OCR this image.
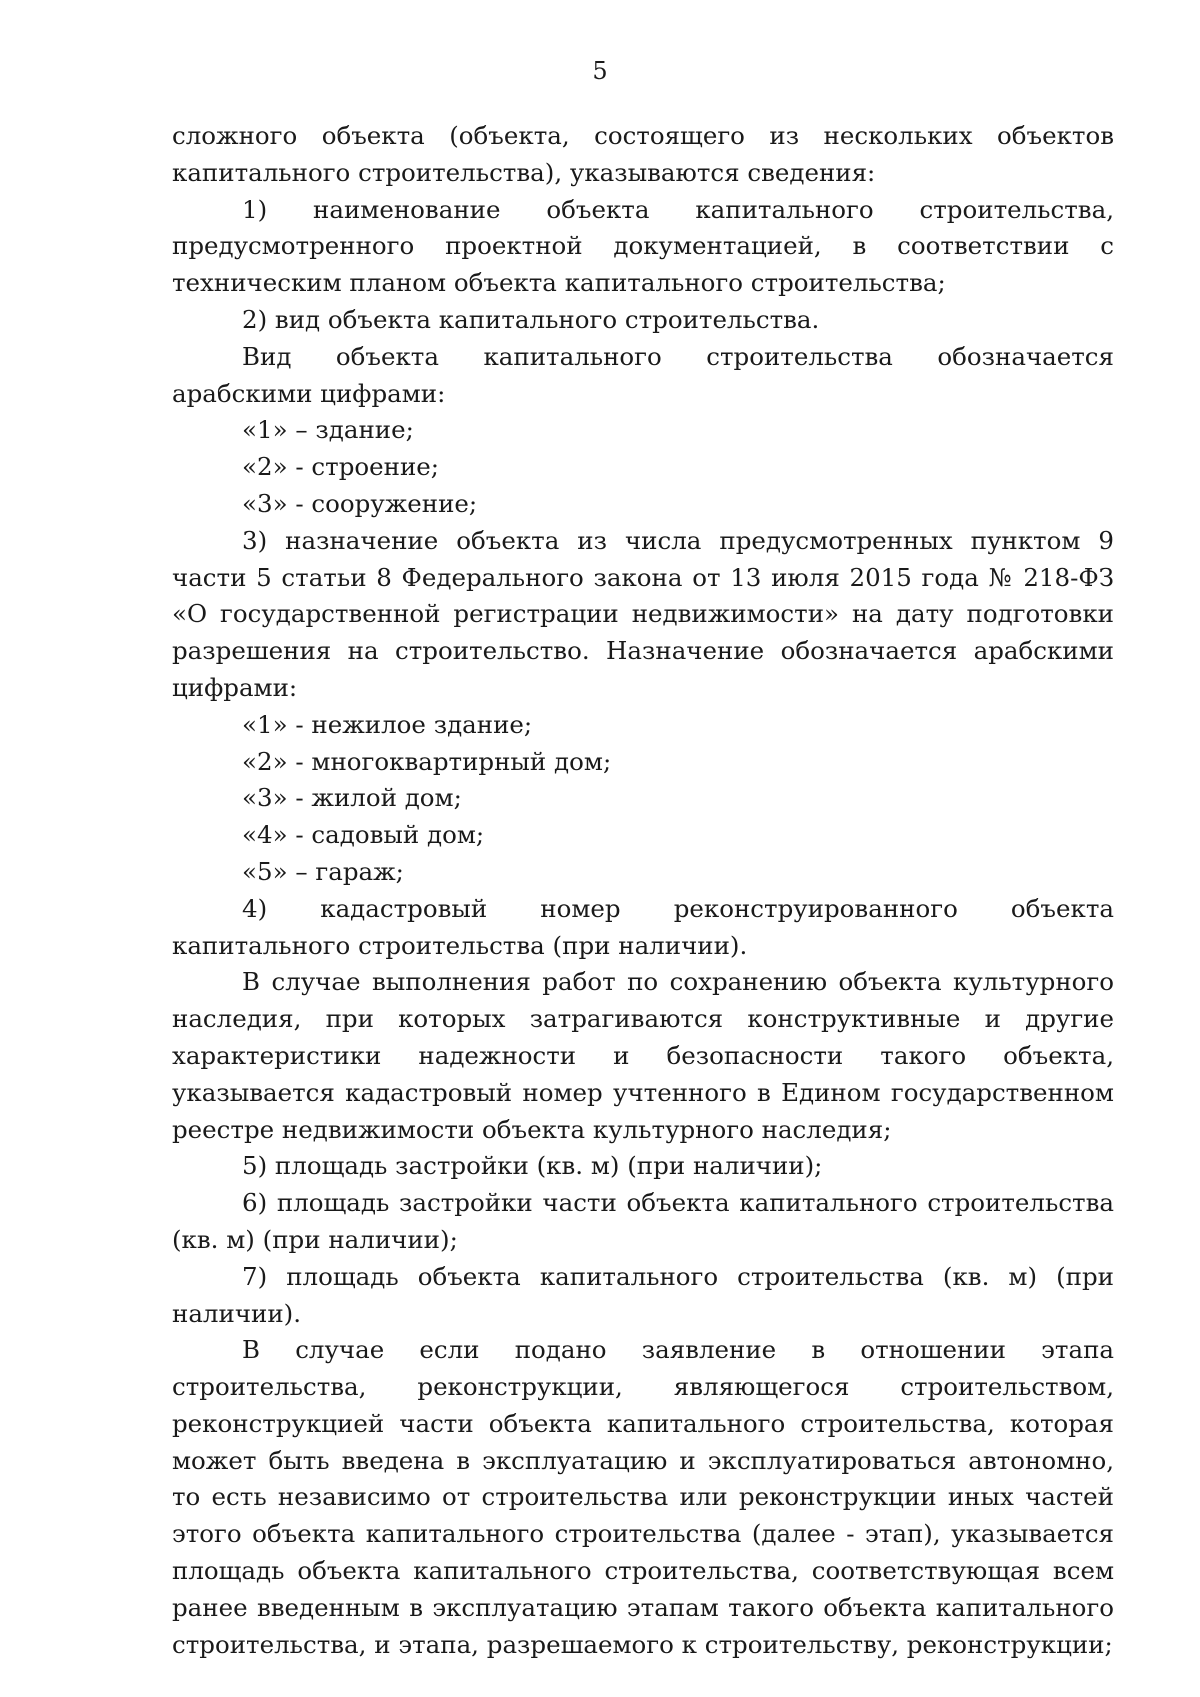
5

сложного объекта (объекта, состоящего из нескольких объектов капитального строительства), указываются сведения:

1) наименование объекта капитального строительства, предусмотренного проектной документацией, в соответствии с техническим планом объекта капитального строительства;

2) вид объекта капитального строительства.

Вид объекта капитального строительства обозначается арабскими цифрами:

«1» – здание;

«2» - строение;

«3» - сооружение;

3) назначение объекта из числа предусмотренных пунктом 9 части 5 статьи 8 Федерального закона от 13 июля 2015 года № 218-ФЗ «О государственной регистрации недвижимости» на дату подготовки разрешения на строительство. Назначение обозначается арабскими цифрами:

«1» - нежилое здание;

«2» - многоквартирный дом;

«3» - жилой дом;

«4» - садовый дом;

«5» – гараж;

4) кадастровый номер реконструированного объекта капитального строительства (при наличии).

В случае выполнения работ по сохранению объекта культурного наследия, при которых затрагиваются конструктивные и другие характеристики надежности и безопасности такого объекта, указывается кадастровый номер учтенного в Едином государственном реестре недвижимости объекта культурного наследия;

5) площадь застройки (кв. м) (при наличии);

6) площадь застройки части объекта капитального строительства (кв. м) (при наличии);

7) площадь объекта капитального строительства (кв. м) (при наличии).

В случае если подано заявление в отношении этапа строительства, реконструкции, являющегося строительством, реконструкцией части объекта капитального строительства, которая может быть введена в эксплуатацию и эксплуатироваться автономно, то есть независимо от строительства или реконструкции иных частей этого объекта капитального строительства (далее - этап), указывается площадь объекта капитального строительства, соответствующая всем ранее введенным в эксплуатацию этапам такого объекта капитального строительства, и этапа, разрешаемого к строительству, реконструкции;
